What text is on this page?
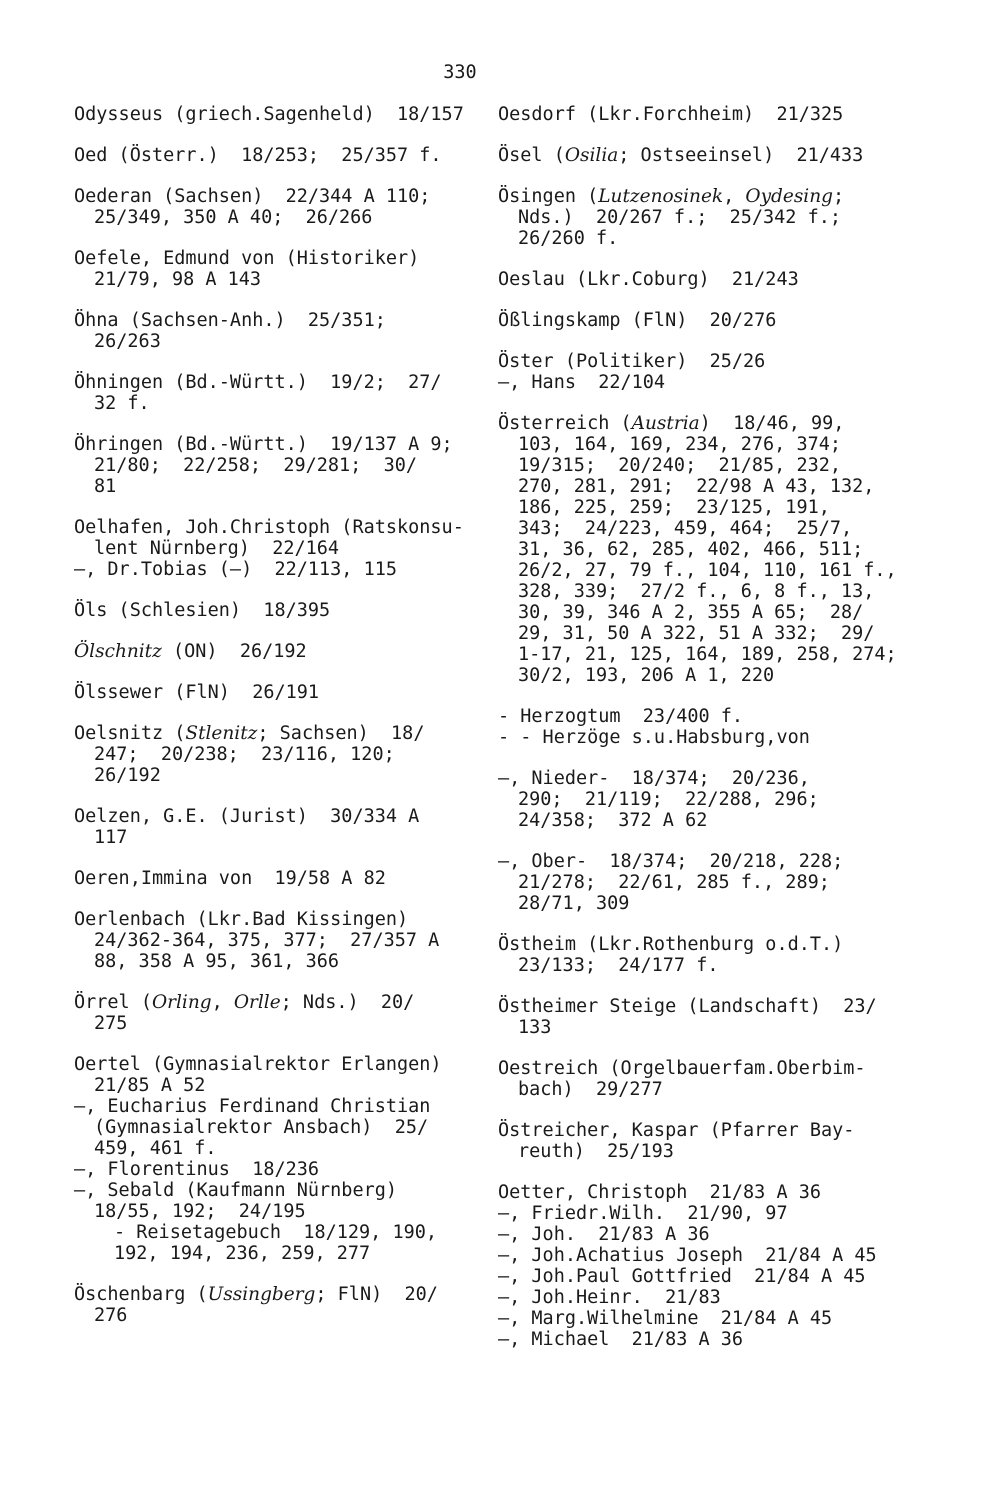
330
Odysseus (griech.Sagenheld)  18/157
Oed (Österr.)  18/253;  25/357 f.
Oederan (Sachsen)  22/344 A 110;
25/349, 350 A 40;  26/266
Oefele, Edmund von (Historiker)
21/79, 98 A 143
Öhna (Sachsen-Anh.)  25/351;
26/263
Öhningen (Bd.-Württ.)  19/2;  27/
32 f.
Öhringen (Bd.-Württ.)  19/137 A 9;
21/80;  22/258;  29/281;  30/
81
Oelhafen, Joh.Christoph (Ratskonsu-
lent Nürnberg)  22/164
—, Dr.Tobias (—)  22/113, 115
Öls (Schlesien)  18/395
Ölschnitz (ON)  26/192
Ölssewer (FlN)  26/191
Oelsnitz (Stlenitz; Sachsen)  18/
247;  20/238;  23/116, 120;
26/192
Oelzen, G.E. (Jurist)  30/334 A
117
Oeren,Immina von  19/58 A 82
Oerlenbach (Lkr.Bad Kissingen)
24/362-364, 375, 377;  27/357 A
88, 358 A 95, 361, 366
Örrel (Orling, Orlle; Nds.)  20/
275
Oertel (Gymnasialrektor Erlangen)
21/85 A 52
—, Eucharius Ferdinand Christian
(Gymnasialrektor Ansbach)  25/
459, 461 f.
—, Florentinus  18/236
—, Sebald (Kaufmann Nürnberg)
18/55, 192;  24/195
- Reisetagebuch  18/129, 190,
192, 194, 236, 259, 277
Öschenbarg (Ussingberg; FlN)  20/
276
Oesdorf (Lkr.Forchheim)  21/325
Ösel (Osilia; Ostseeinsel)  21/433
Ösingen (Lutzenosinek, Oydesing;
Nds.)  20/267 f.;  25/342 f.;
26/260 f.
Oeslau (Lkr.Coburg)  21/243
Ößlingskamp (FlN)  20/276
Öster (Politiker)  25/26
—, Hans  22/104
Österreich (Austria)  18/46, 99,
103, 164, 169, 234, 276, 374;
19/315;  20/240;  21/85, 232,
270, 281, 291;  22/98 A 43, 132,
186, 225, 259;  23/125, 191,
343;  24/223, 459, 464;  25/7,
31, 36, 62, 285, 402, 466, 511;
26/2, 27, 79 f., 104, 110, 161 f.,
328, 339;  27/2 f., 6, 8 f., 13,
30, 39, 346 A 2, 355 A 65;  28/
29, 31, 50 A 322, 51 A 332;  29/
1-17, 21, 125, 164, 189, 258, 274;
30/2, 193, 206 A 1, 220
- Herzogtum  23/400 f.
- - Herzöge s.u.Habsburg,von
—, Nieder-  18/374;  20/236,
290;  21/119;  22/288, 296;
24/358;  372 A 62
—, Ober-  18/374;  20/218, 228;
21/278;  22/61, 285 f., 289;
28/71, 309
Östheim (Lkr.Rothenburg o.d.T.)
23/133;  24/177 f.
Östheimer Steige (Landschaft)  23/
133
Oestreich (Orgelbauerfam.Oberbim-
bach)  29/277
Östreicher, Kaspar (Pfarrer Bay-
reuth)  25/193
Oetter, Christoph  21/83 A 36
—, Friedr.Wilh.  21/90, 97
—, Joh.  21/83 A 36
—, Joh.Achatius Joseph  21/84 A 45
—, Joh.Paul Gottfried  21/84 A 45
—, Joh.Heinr.  21/83
—, Marg.Wilhelmine  21/84 A 45
—, Michael  21/83 A 36
